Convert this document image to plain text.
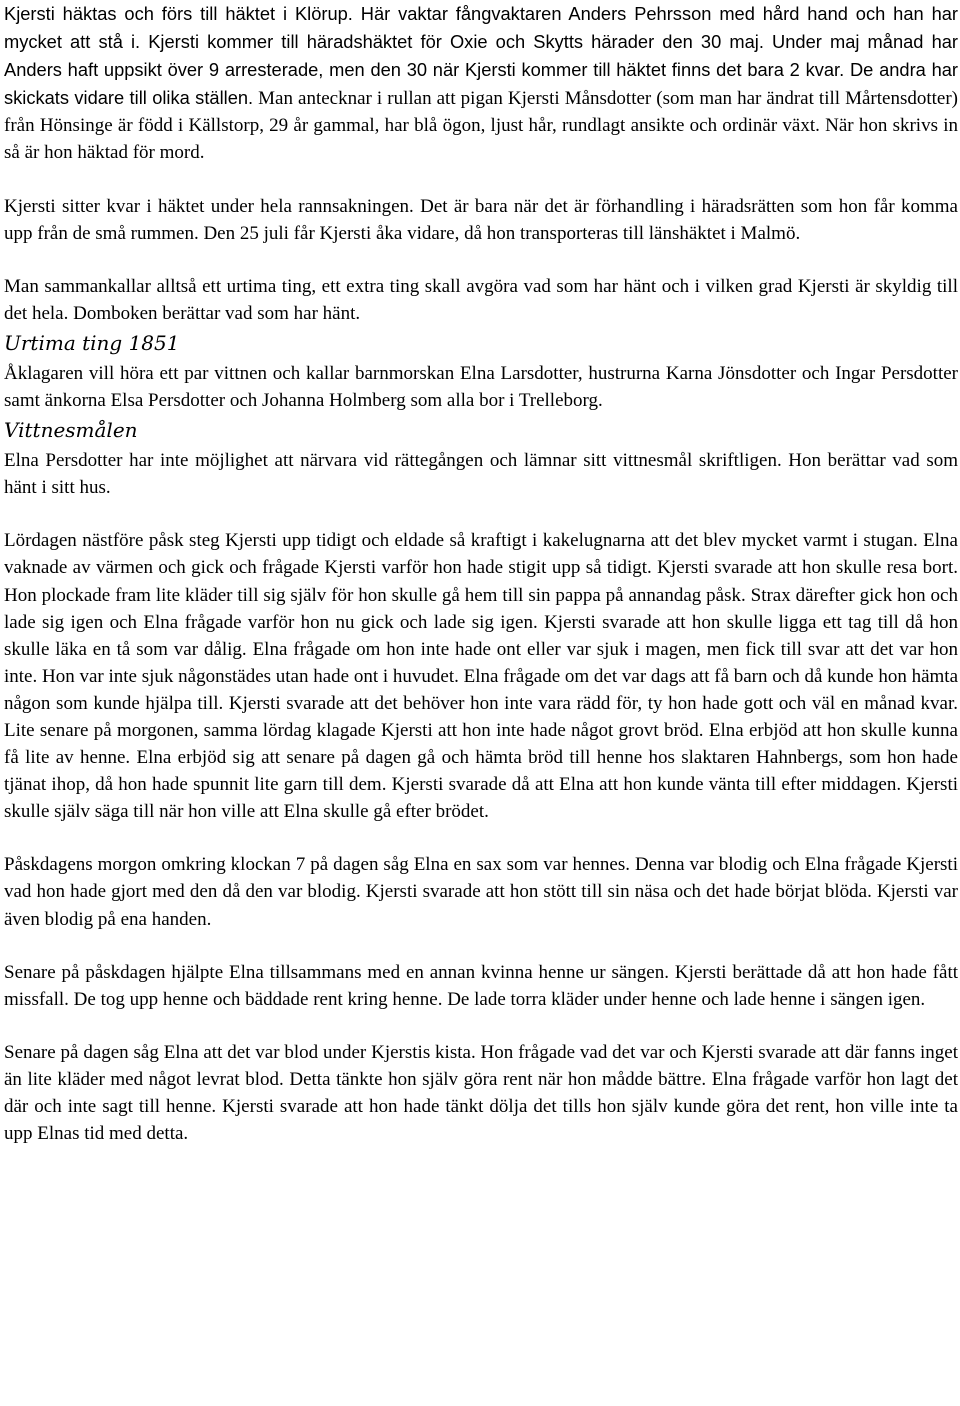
Kjersti häktas och förs till häktet i Klörup. Här vaktar fångvaktaren Anders Pehrsson med hård hand och han har mycket att stå i. Kjersti kommer till häradshäktet för Oxie och Skytts härader den 30 maj. Under maj månad har Anders haft uppsikt över 9 arresterade, men den 30 när Kjersti kommer till häktet finns det bara 2 kvar. De andra har skickats vidare till olika ställen. Man antecknar i rullan att pigan Kjersti Månsdotter (som man har ändrat till Mårtensdotter) från Hönsinge är född i Källstorp, 29 år gammal, har blå ögon, ljust hår, rundlagt ansikte och ordinär växt. När hon skrivs in så är hon häktad för mord.
Kjersti sitter kvar i häktet under hela rannsakningen. Det är bara när det är förhandling i häradsrätten som hon får komma upp från de små rummen. Den 25 juli får Kjersti åka vidare, då hon transporteras till länshäktet i Malmö.
Man sammankallar alltså ett urtima ting, ett extra ting skall avgöra vad som har hänt och i vilken grad Kjersti är skyldig till det hela. Domboken berättar vad som har hänt.
Urtima ting 1851
Åklagaren vill höra ett par vittnen och kallar barnmorskan Elna Larsdotter, hustrurna Karna Jönsdotter och Ingar Persdotter samt änkorna Elsa Persdotter och Johanna Holmberg som alla bor i Trelleborg.
Vittnesmålen
Elna Persdotter har inte möjlighet att närvara vid rättegången och lämnar sitt vittnesmål skriftligen. Hon berättar vad som hänt i sitt hus.
Lördagen nästföre påsk steg Kjersti upp tidigt och eldade så kraftigt i kakelugnarna att det blev mycket varmt i stugan. Elna vaknade av värmen och gick och frågade Kjersti varför hon hade stigit upp så tidigt. Kjersti svarade att hon skulle resa bort. Hon plockade fram lite kläder till sig själv för hon skulle gå hem till sin pappa på annandag påsk. Strax därefter gick hon och lade sig igen och Elna frågade varför hon nu gick och lade sig igen. Kjersti svarade att hon skulle ligga ett tag till då hon skulle läka en tå som var dålig. Elna frågade om hon inte hade ont eller var sjuk i magen, men fick till svar att det var hon inte. Hon var inte sjuk någonstädes utan hade ont i huvudet. Elna frågade om det var dags att få barn och då kunde hon hämta någon som kunde hjälpa till. Kjersti svarade att det behöver hon inte vara rädd för, ty hon hade gott och väl en månad kvar. Lite senare på morgonen, samma lördag klagade Kjersti att hon inte hade något grovt bröd. Elna erbjöd att hon skulle kunna få lite av henne. Elna erbjöd sig att senare på dagen gå och hämta bröd till henne hos slaktaren Hahnbergs, som hon hade tjänat ihop, då hon hade spunnit lite garn till dem. Kjersti svarade då att Elna att hon kunde vänta till efter middagen. Kjersti skulle själv säga till när hon ville att Elna skulle gå efter brödet.
Påskdagens morgon omkring klockan 7 på dagen såg Elna en sax som var hennes. Denna var blodig och Elna frågade Kjersti vad hon hade gjort med den då den var blodig. Kjersti svarade att hon stött till sin näsa och det hade börjat blöda. Kjersti var även blodig på ena handen.
Senare på påskdagen hjälpte Elna tillsammans med en annan kvinna henne ur sängen. Kjersti berättade då att hon hade fått missfall. De tog upp henne och bäddade rent kring henne. De lade torra kläder under henne och lade henne i sängen igen.
Senare på dagen såg Elna att det var blod under Kjerstis kista. Hon frågade vad det var och Kjersti svarade att där fanns inget än lite kläder med något levrat blod. Detta tänkte hon själv göra rent när hon mådde bättre. Elna frågade varför hon lagt det där och inte sagt till henne. Kjersti svarade att hon hade tänkt dölja det tills hon själv kunde göra det rent, hon ville inte ta upp Elnas tid med detta.
